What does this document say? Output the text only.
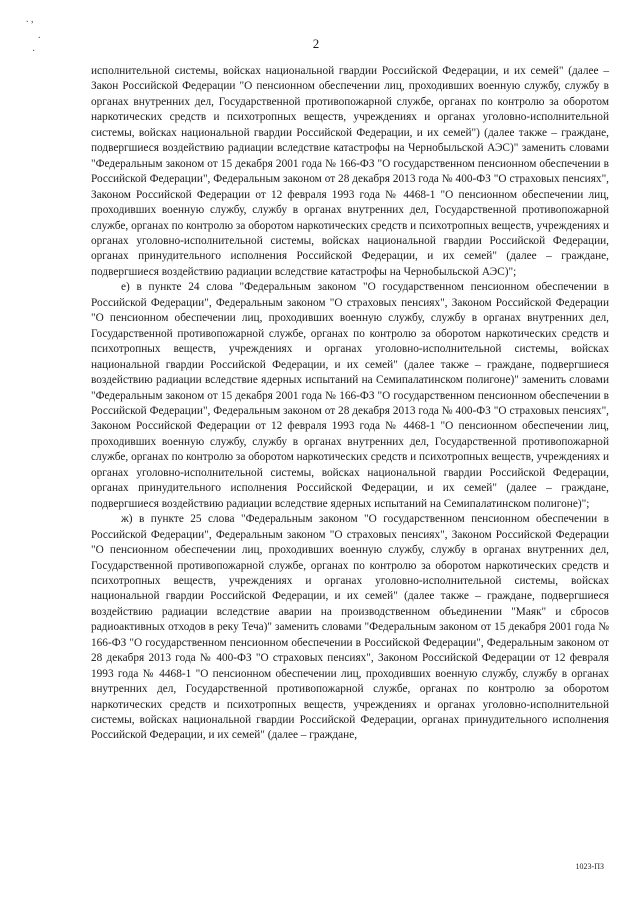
. ,
.
·
2

исполнительной системы, войсках национальной гвардии Российской Федерации, и их семей" (далее – Закон Российской Федерации "О пенсионном обеспечении лиц, проходивших военную службу, службу в органах внутренних дел, Государственной противопожарной службе, органах по контролю за оборотом наркотических средств и психотропных веществ, учреждениях и органах уголовно-исполнительной системы, войсках национальной гвардии Российской Федерации, и их семей") (далее также – граждане, подвергшиеся воздействию радиации вследствие катастрофы на Чернобыльской АЭС)" заменить словами "Федеральным законом от 15 декабря 2001 года № 166-ФЗ "О государственном пенсионном обеспечении в Российской Федерации", Федеральным законом от 28 декабря 2013 года № 400-ФЗ "О страховых пенсиях", Законом Российской Федерации от 12 февраля 1993 года № 4468-1 "О пенсионном обеспечении лиц, проходивших военную службу, службу в органах внутренних дел, Государственной противопожарной службе, органах по контролю за оборотом наркотических средств и психотропных веществ, учреждениях и органах уголовно-исполнительной системы, войсках национальной гвардии Российской Федерации, органах принудительного исполнения Российской Федерации, и их семей" (далее – граждане, подвергшиеся воздействию радиации вследствие катастрофы на Чернобыльской АЭС)";

е) в пункте 24 слова "Федеральным законом "О государственном пенсионном обеспечении в Российской Федерации", Федеральным законом "О страховых пенсиях", Законом Российской Федерации "О пенсионном обеспечении лиц, проходивших военную службу, службу в органах внутренних дел, Государственной противопожарной службе, органах по контролю за оборотом наркотических средств и психотропных веществ, учреждениях и органах уголовно-исполнительной системы, войсках национальной гвардии Российской Федерации, и их семей" (далее также – граждане, подвергшиеся воздействию радиации вследствие ядерных испытаний на Семипалатинском полигоне)" заменить словами "Федеральным законом от 15 декабря 2001 года № 166-ФЗ "О государственном пенсионном обеспечении в Российской Федерации", Федеральным законом от 28 декабря 2013 года № 400-ФЗ "О страховых пенсиях", Законом Российской Федерации от 12 февраля 1993 года № 4468-1 "О пенсионном обеспечении лиц, проходивших военную службу, службу в органах внутренних дел, Государственной противопожарной службе, органах по контролю за оборотом наркотических средств и психотропных веществ, учреждениях и органах уголовно-исполнительной системы, войсках национальной гвардии Российской Федерации, органах принудительного исполнения Российской Федерации, и их семей" (далее – граждане, подвергшиеся воздействию радиации вследствие ядерных испытаний на Семипалатинском полигоне)";

ж) в пункте 25 слова "Федеральным законом "О государственном пенсионном обеспечении в Российской Федерации", Федеральным законом "О страховых пенсиях", Законом Российской Федерации "О пенсионном обеспечении лиц, проходивших военную службу, службу в органах внутренних дел, Государственной противопожарной службе, органах по контролю за оборотом наркотических средств и психотропных веществ, учреждениях и органах уголовно-исполнительной системы, войсках национальной гвардии Российской Федерации, и их семей" (далее также – граждане, подвергшиеся воздействию радиации вследствие аварии на производственном объединении "Маяк" и сбросов радиоактивных отходов в реку Теча)" заменить словами "Федеральным законом от 15 декабря 2001 года № 166-ФЗ "О государственном пенсионном обеспечении в Российской Федерации", Федеральным законом от 28 декабря 2013 года № 400-ФЗ "О страховых пенсиях", Законом Российской Федерации от 12 февраля 1993 года № 4468-1 "О пенсионном обеспечении лиц, проходивших военную службу, службу в органах внутренних дел, Государственной противопожарной службе, органах по контролю за оборотом наркотических средств и психотропных веществ, учреждениях и органах уголовно-исполнительной системы, войсках национальной гвардии Российской Федерации, органах принудительного исполнения Российской Федерации, и их семей" (далее – граждане,

1023-ПЗ
